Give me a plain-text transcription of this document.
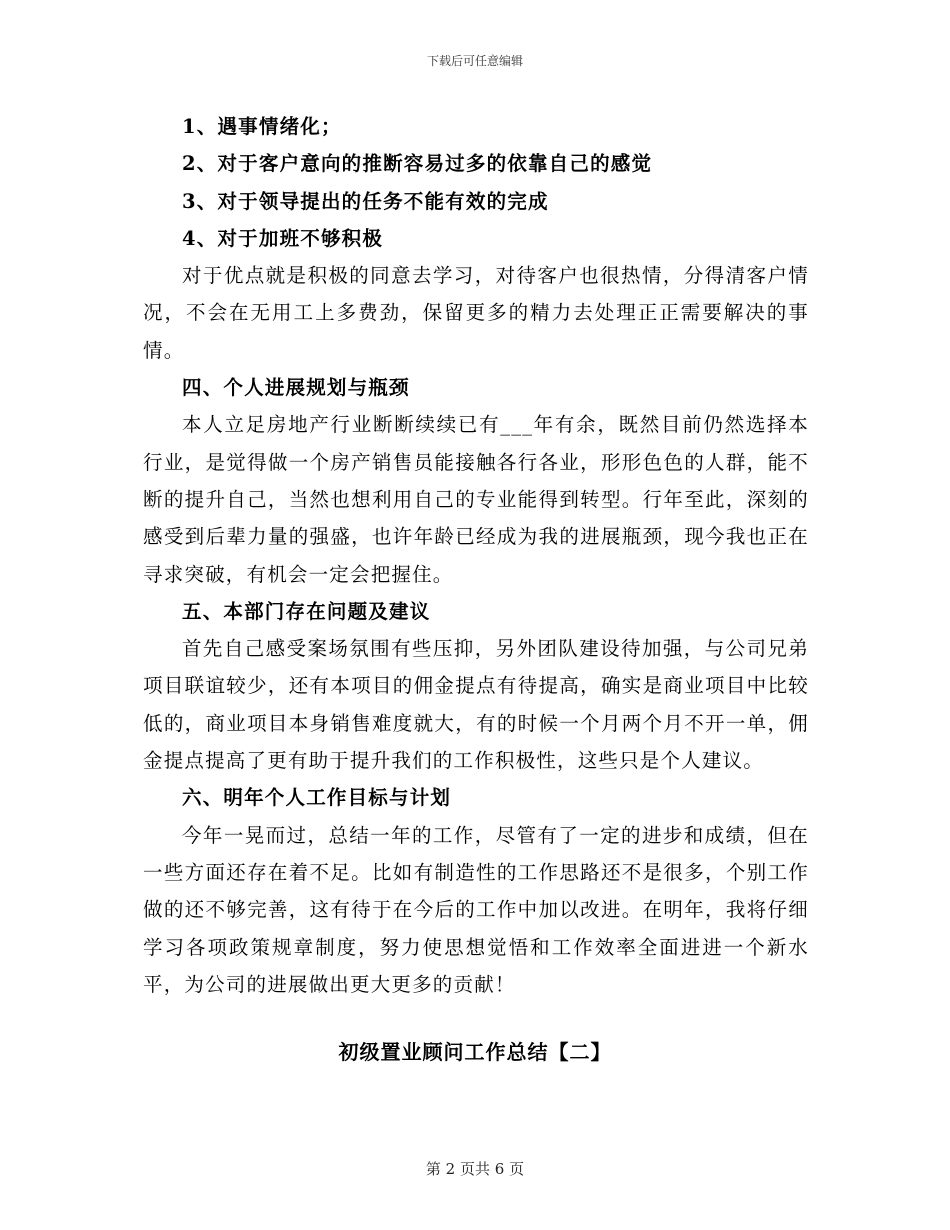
下载后可任意编辑

1、遇事情绪化；

2、对于客户意向的推断容易过多的依靠自己的感觉

3、对于领导提出的任务不能有效的完成

4、对于加班不够积极

对于优点就是积极的同意去学习，对待客户也很热情，分得清客户情况，不会在无用工上多费劲，保留更多的精力去处理正正需要解决的事情。

四、个人进展规划与瓶颈

本人立足房地产行业断断续续已有___年有余，既然目前仍然选择本行业，是觉得做一个房产销售员能接触各行各业，形形色色的人群，能不断的提升自己，当然也想利用自己的专业能得到转型。行年至此，深刻的感受到后辈力量的强盛，也许年龄已经成为我的进展瓶颈，现今我也正在寻求突破，有机会一定会把握住。

五、本部门存在问题及建议

首先自己感受案场氛围有些压抑，另外团队建设待加强，与公司兄弟项目联谊较少，还有本项目的佣金提点有待提高，确实是商业项目中比较低的，商业项目本身销售难度就大，有的时候一个月两个月不开一单，佣金提点提高了更有助于提升我们的工作积极性，这些只是个人建议。

六、明年个人工作目标与计划

今年一晃而过，总结一年的工作，尽管有了一定的进步和成绩，但在一些方面还存在着不足。比如有制造性的工作思路还不是很多，个别工作做的还不够完善，这有待于在今后的工作中加以改进。在明年，我将仔细学习各项政策规章制度，努力使思想觉悟和工作效率全面进进一个新水平，为公司的进展做出更大更多的贡献！

初级置业顾问工作总结【二】
第 2 页共 6 页
